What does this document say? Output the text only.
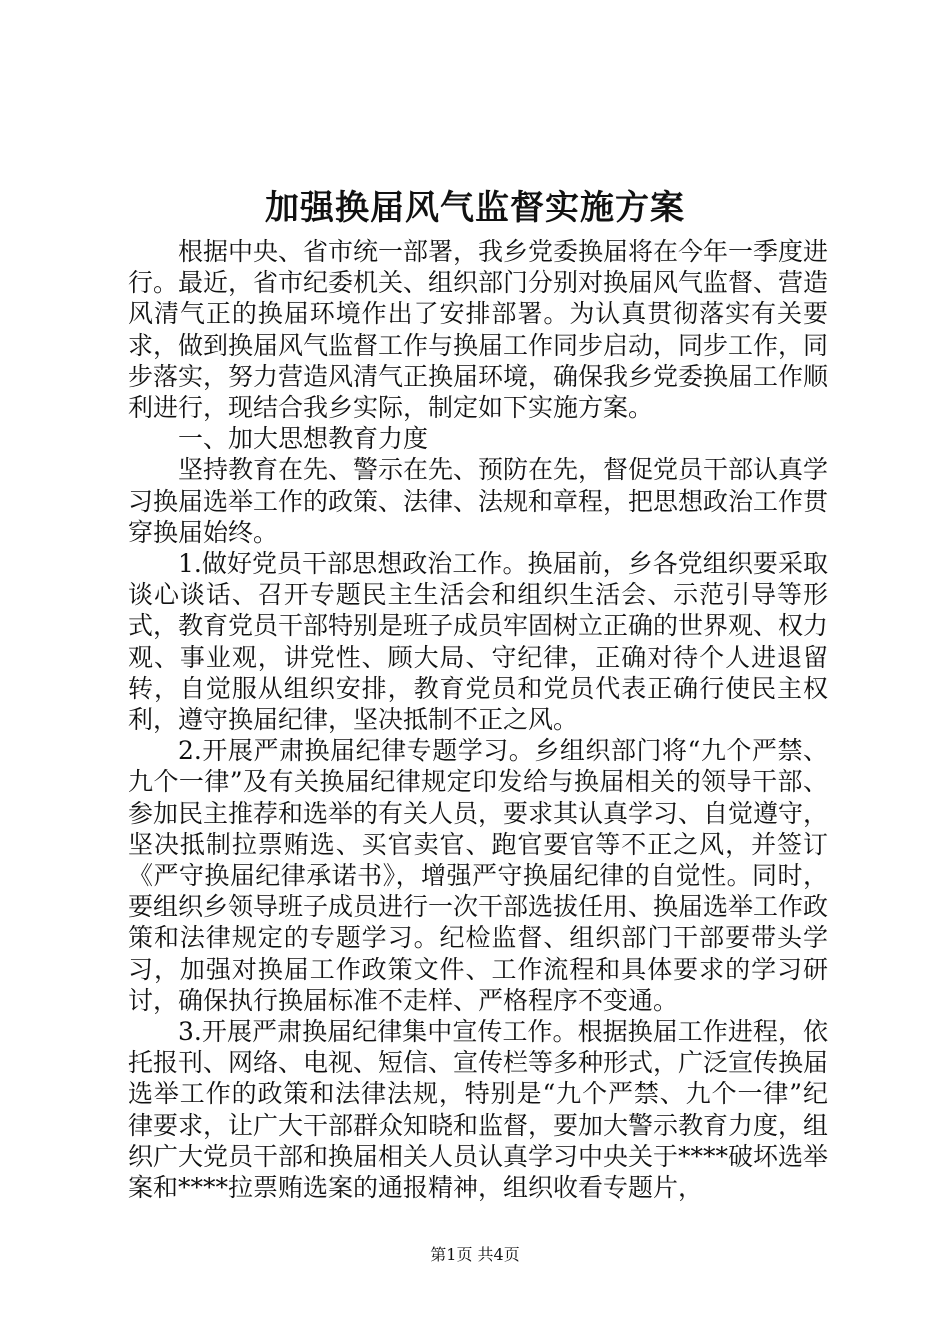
加强换届风气监督实施方案

根据中央、省市统一部署，我乡党委换届将在今年一季度进行。最近，省市纪委机关、组织部门分别对换届风气监督、营造风清气正的换届环境作出了安排部署。为认真贯彻落实有关要求，做到换届风气监督工作与换届工作同步启动，同步工作，同步落实，努力营造风清气正换届环境，确保我乡党委换届工作顺利进行，现结合我乡实际，制定如下实施方案。

一、加大思想教育力度

坚持教育在先、警示在先、预防在先，督促党员干部认真学习换届选举工作的政策、法律、法规和章程，把思想政治工作贯穿换届始终。

1.做好党员干部思想政治工作。换届前，乡各党组织要采取谈心谈话、召开专题民主生活会和组织生活会、示范引导等形式，教育党员干部特别是班子成员牢固树立正确的世界观、权力观、事业观，讲党性、顾大局、守纪律，正确对待个人进退留转，自觉服从组织安排，教育党员和党员代表正确行使民主权利，遵守换届纪律，坚决抵制不正之风。

2.开展严肃换届纪律专题学习。乡组织部门将“九个严禁、九个一律”及有关换届纪律规定印发给与换届相关的领导干部、参加民主推荐和选举的有关人员，要求其认真学习、自觉遵守，坚决抵制拉票贿选、买官卖官、跑官要官等不正之风，并签订《严守换届纪律承诺书》，增强严守换届纪律的自觉性。同时，要组织乡领导班子成员进行一次干部选拔任用、换届选举工作政策和法律规定的专题学习。纪检监督、组织部门干部要带头学习，加强对换届工作政策文件、工作流程和具体要求的学习研讨，确保执行换届标准不走样、严格程序不变通。

3.开展严肃换届纪律集中宣传工作。根据换届工作进程，依托报刊、网络、电视、短信、宣传栏等多种形式，广泛宣传换届选举工作的政策和法律法规，特别是“九个严禁、九个一律”纪律要求，让广大干部群众知晓和监督，要加大警示教育力度，组织广大党员干部和换届相关人员认真学习中央关于****破坏选举案和****拉票贿选案的通报精神，组织收看专题片，

第1页 共4页
